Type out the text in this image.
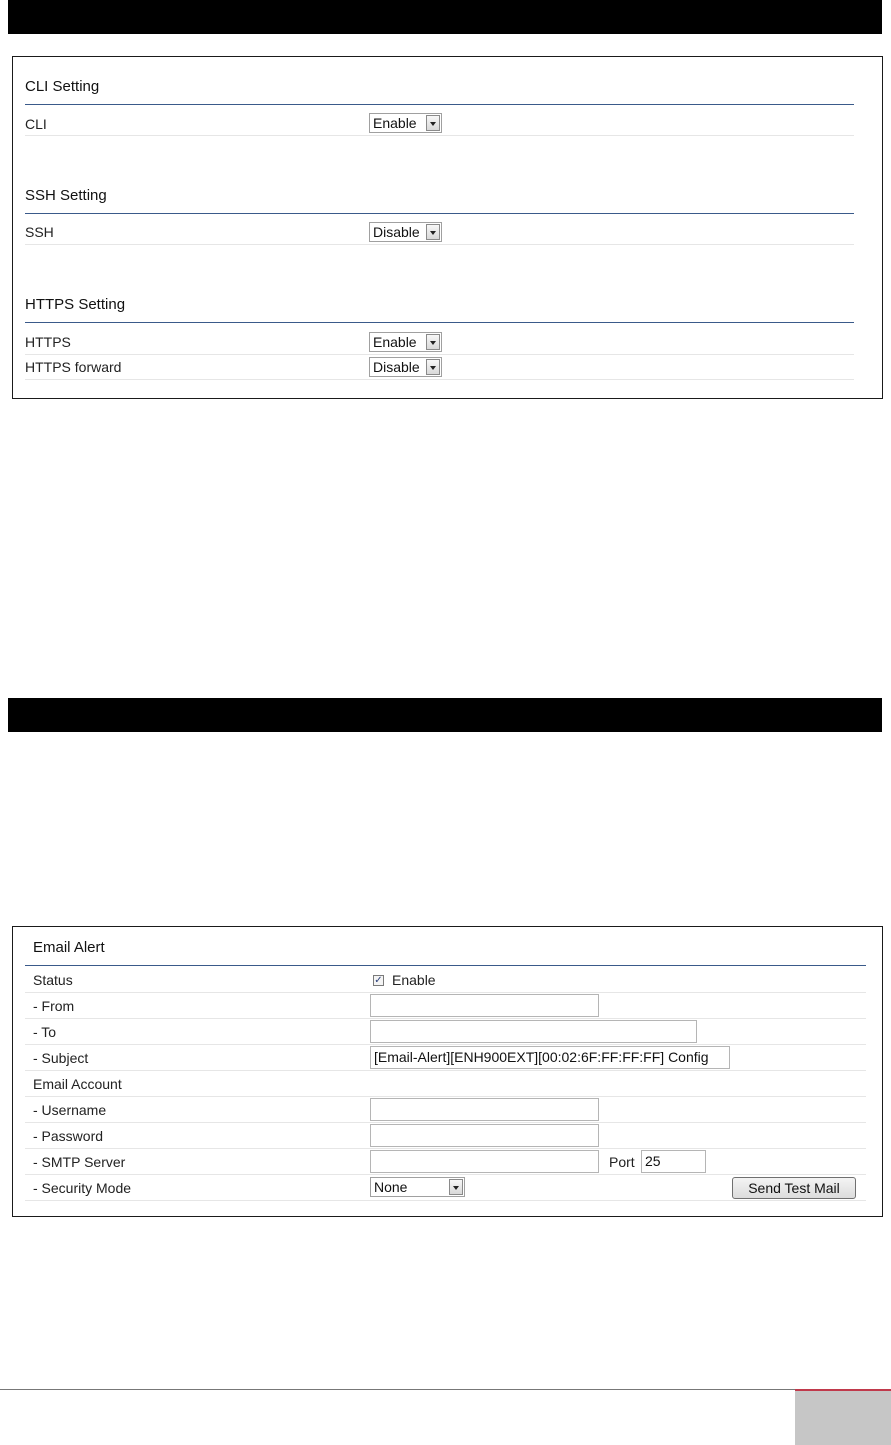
CLI Setting
CLI	Enable
SSH Setting
SSH	Disable
HTTPS Setting
HTTPS	Enable
HTTPS forward	Disable
Email Alert
Status	✓ Enable
- From
- To
- Subject	[Email-Alert][ENH900EXT][00:02:6F:FF:FF:FF] Config
Email Account
- Username
- Password
- SMTP Server	Port 25
- Security Mode	None	Send Test Mail
